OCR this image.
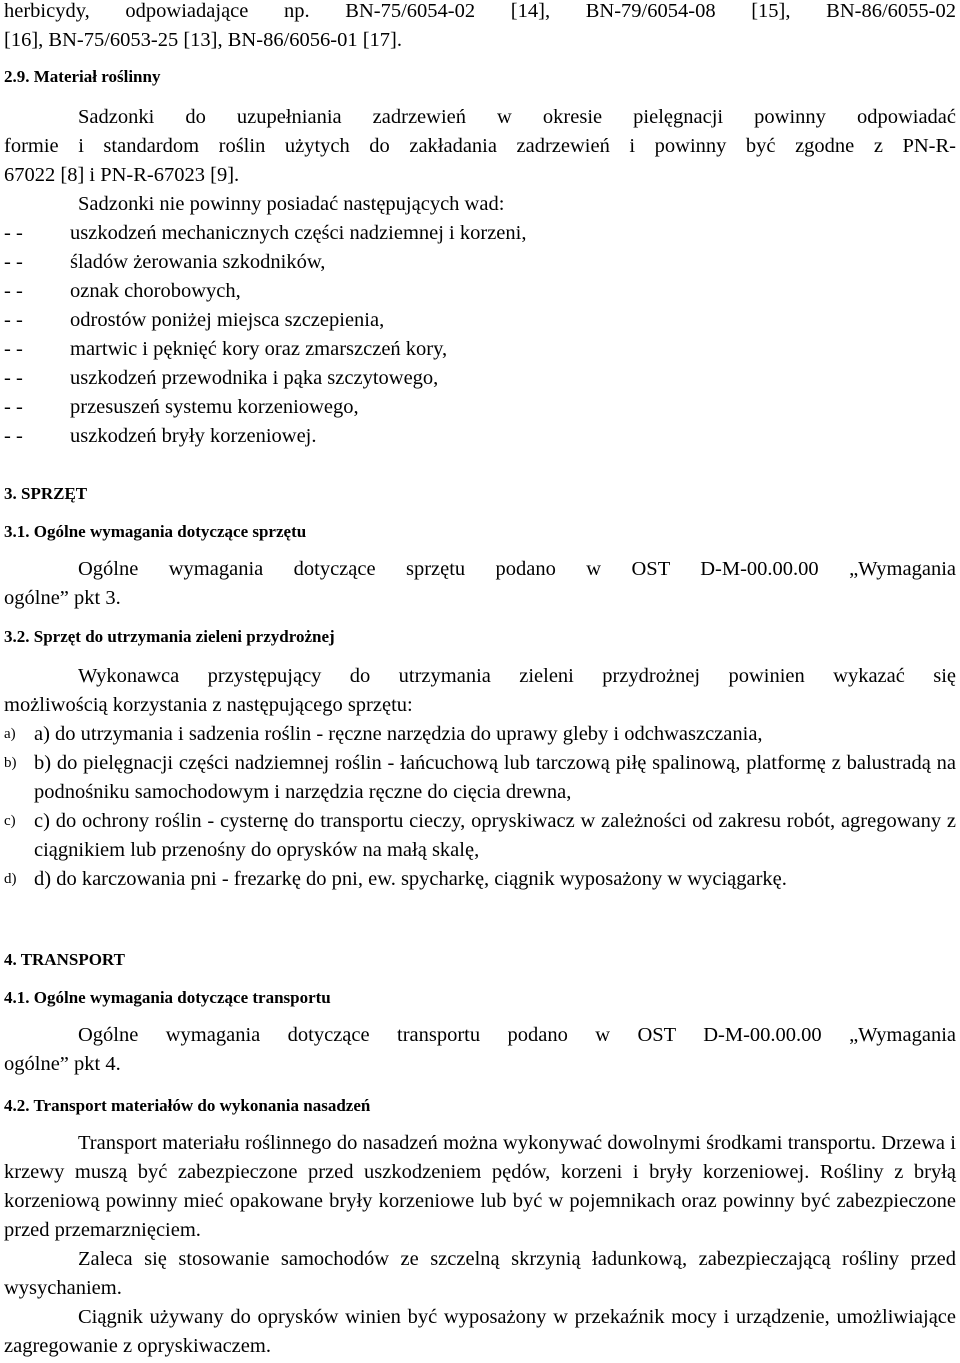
herbicydy, odpowiadające np. BN-75/6054-02 [14], BN-79/6054-08 [15], BN-86/6055-02

[16], BN-75/6053-25 [13], BN-86/6056-01 [17].

2.9. Materiał roślinny

Sadzonki do uzupełniania zadrzewień w okresie pielęgnacji powinny odpowiadać

formie i standardom roślin użytych do zakładania zadrzewień i powinny być zgodne z PN-R-

67022 [8] i PN-R-67023 [9].

Sadzonki nie powinny posiadać następujących wad:

- - uszkodzeń mechanicznych części nadziemnej i korzeni,

- - śladów żerowania szkodników,

- - oznak chorobowych,

- - odrostów poniżej miejsca szczepienia,

- - martwic i pęknięć kory oraz zmarszczeń kory,

- - uszkodzeń przewodnika i pąka szczytowego,

- - przesuszeń systemu korzeniowego,

- - uszkodzeń bryły korzeniowej.

3. SPRZĘT

3.1. Ogólne wymagania dotyczące sprzętu

Ogólne wymagania dotyczące sprzętu podano w OST D-M-00.00.00 „Wymagania

ogólne” pkt 3.

3.2. Sprzęt do utrzymania zieleni przydrożnej

Wykonawca przystępujący do utrzymania zieleni przydrożnej powinien wykazać się

możliwością korzystania z następującego sprzętu:

a) a) do utrzymania i sadzenia roślin - ręczne narzędzia do uprawy gleby i odchwaszczania,

b) b) do pielęgnacji części nadziemnej roślin - łańcuchową lub tarczową piłę spalinową, platformę z balustradą na podnośniku samochodowym i narzędzia ręczne do cięcia drewna,

c) c) do ochrony roślin - cysternę do transportu cieczy, opryskiwacz w zależności od zakresu robót, agregowany z ciągnikiem lub przenośny do oprysków na małą skalę,

d) d) do karczowania pni - frezarkę do pni, ew. spycharkę, ciągnik wyposażony w wyciągarkę.

4. TRANSPORT

4.1. Ogólne wymagania dotyczące transportu

Ogólne wymagania dotyczące transportu podano w OST D-M-00.00.00 „Wymagania

ogólne” pkt 4.

4.2. Transport materiałów do wykonania nasadzeń

Transport materiału roślinnego do nasadzeń można wykonywać dowolnymi środkami transportu. Drzewa i krzewy muszą być zabezpieczone przed uszkodzeniem pędów, korzeni i bryły korzeniowej. Rośliny z bryłą korzeniową powinny mieć opakowane bryły korzeniowe lub być w pojemnikach oraz powinny być zabezpieczone przed przemarznięciem.

Zaleca się stosowanie samochodów ze szczelną skrzynią ładunkową, zabezpieczającą rośliny przed wysychaniem.

Ciągnik używany do oprysków winien być wyposażony w przekaźnik mocy i urządzenie, umożliwiające zagregowanie z opryskiwaczem.
